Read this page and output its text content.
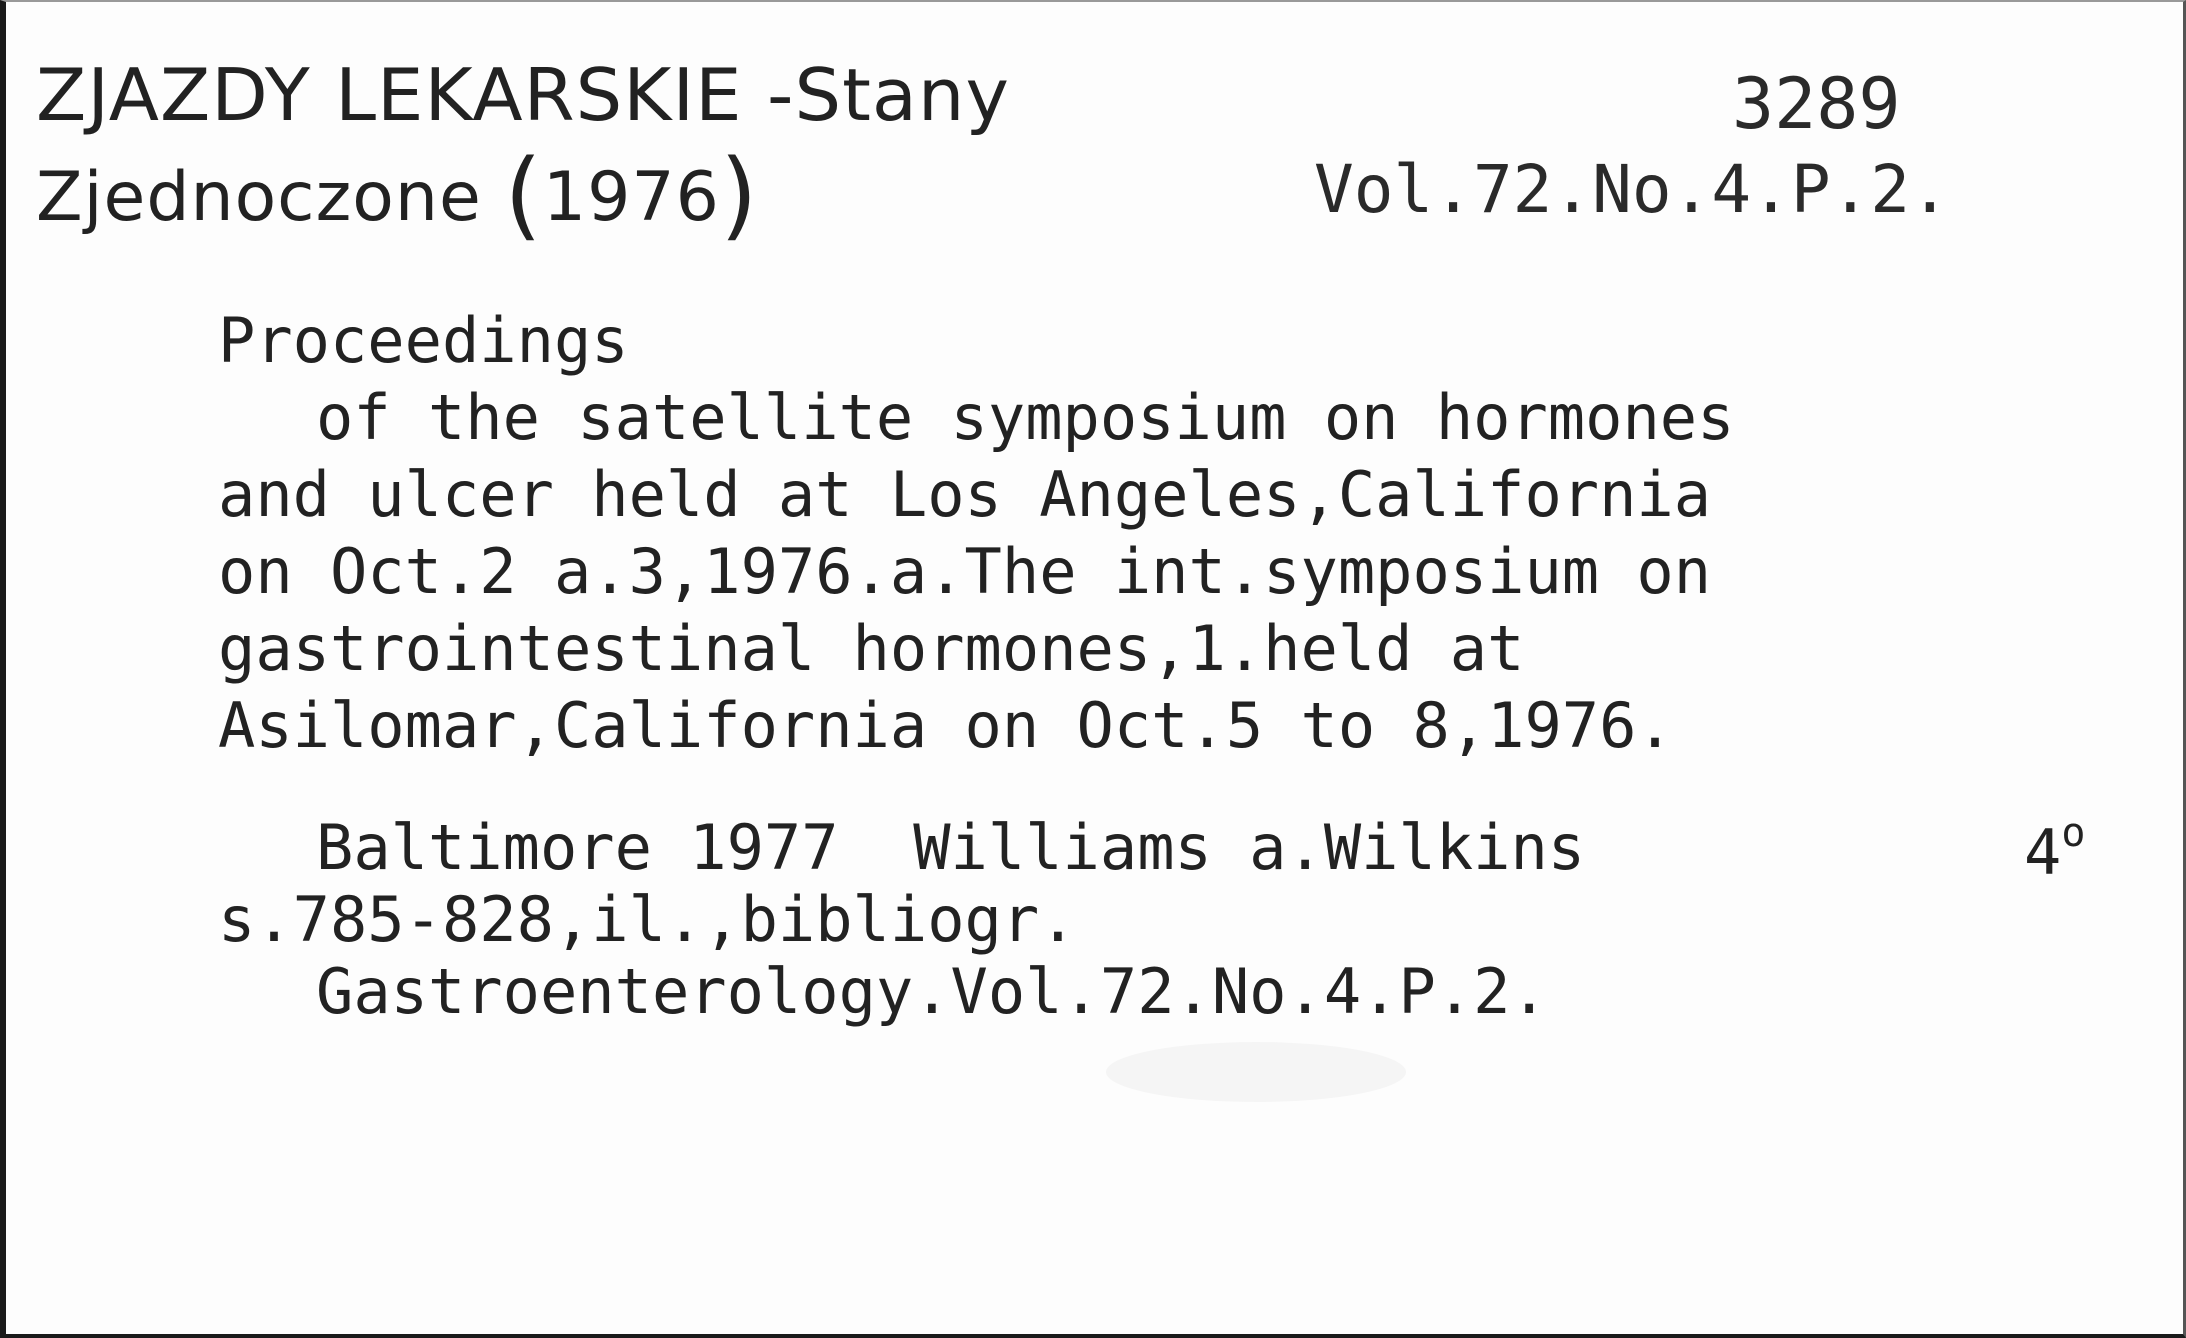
ZJAZDY LEKARSKIE -Stany
Zjednoczone (1976)
3289
Vol.72.No.4.P.2.
Proceedings
of the satellite symposium on hormones
and ulcer held at Los Angeles,California
on Oct.2 a.3,1976.a.The int.symposium on
gastrointestinal hormones,1.held at
Asilomar,California on Oct.5 to 8,1976.
Baltimore 1977  Williams a.Wilkins
s.785-828,il.,bibliogr.
Gastroenterology.Vol.72.No.4.P.2.
4$^o$
